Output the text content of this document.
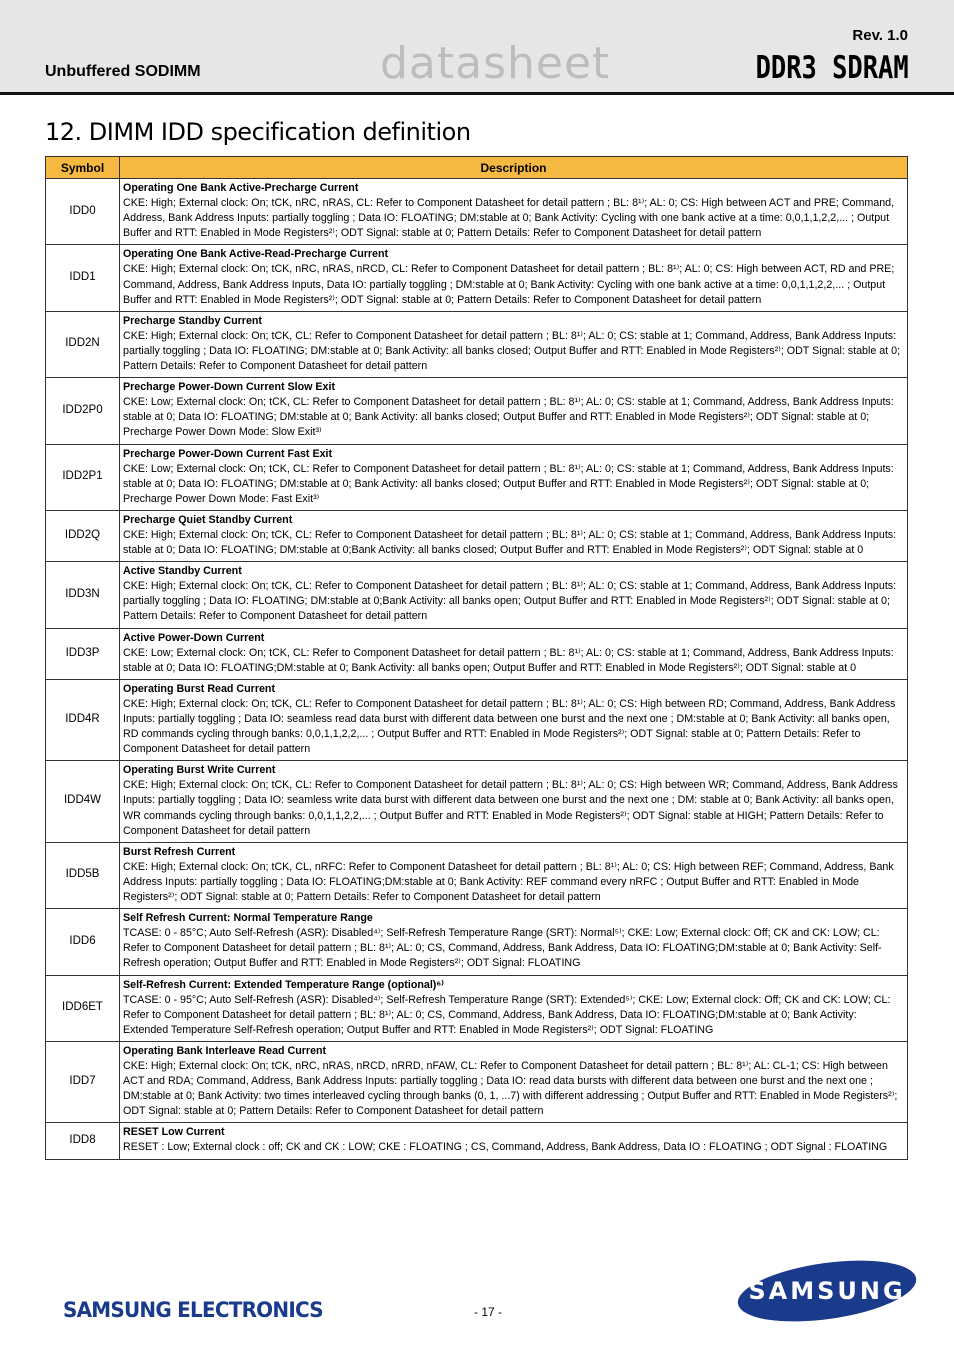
Unbuffered SODIMM	datasheet
Rev. 1.0
DDR3 SDRAM
12. DIMM IDD specification definition
Symbol	Description
IDD0	Operating One Bank Active-Precharge Current
CKE: High; External clock: On; tCK, nRC, nRAS, CL: Refer to Component Datasheet for detail pattern ; BL: 8¹⁾; AL: 0; CS: High between ACT and PRE; Command, Address, Bank Address Inputs: partially toggling ; Data IO: FLOATING; DM:stable at 0; Bank Activity: Cycling with one bank active at a time: 0,0,1,1,2,2,... ; Output Buffer and RTT: Enabled in Mode Registers²⁾; ODT Signal: stable at 0; Pattern Details: Refer to Component Datasheet for detail pattern
IDD1	Operating One Bank Active-Read-Precharge Current
CKE: High; External clock: On; tCK, nRC, nRAS, nRCD, CL: Refer to Component Datasheet for detail pattern ; BL: 8¹⁾; AL: 0; CS: High between ACT, RD and PRE; Command, Address, Bank Address Inputs, Data IO: partially toggling ; DM:stable at 0; Bank Activity: Cycling with one bank active at a time: 0,0,1,1,2,2,... ; Output Buffer and RTT: Enabled in Mode Registers²⁾; ODT Signal: stable at 0; Pattern Details: Refer to Component Datasheet for detail pattern
IDD2N	Precharge Standby Current
CKE: High; External clock: On; tCK, CL: Refer to Component Datasheet for detail pattern ; BL: 8¹⁾; AL: 0; CS: stable at 1; Command, Address, Bank Address Inputs: partially toggling ; Data IO: FLOATING; DM:stable at 0; Bank Activity: all banks closed; Output Buffer and RTT: Enabled in Mode Registers²⁾; ODT Signal: stable at 0; Pattern Details: Refer to Component Datasheet for detail pattern
IDD2P0	Precharge Power-Down Current Slow Exit
CKE: Low; External clock: On; tCK, CL: Refer to Component Datasheet for detail pattern ; BL: 8¹⁾; AL: 0; CS: stable at 1; Command, Address, Bank Address Inputs: stable at 0; Data IO: FLOATING; DM:stable at 0; Bank Activity: all banks closed; Output Buffer and RTT: Enabled in Mode Registers²⁾; ODT Signal: stable at 0; Precharge Power Down Mode: Slow Exit³⁾
IDD2P1	Precharge Power-Down Current Fast Exit
CKE: Low; External clock: On; tCK, CL: Refer to Component Datasheet for detail pattern ; BL: 8¹⁾; AL: 0; CS: stable at 1; Command, Address, Bank Address Inputs: stable at 0; Data IO: FLOATING; DM:stable at 0; Bank Activity: all banks closed; Output Buffer and RTT: Enabled in Mode Registers²⁾; ODT Signal: stable at 0; Precharge Power Down Mode: Fast Exit³⁾
IDD2Q	Precharge Quiet Standby Current
CKE: High; External clock: On; tCK, CL: Refer to Component Datasheet for detail pattern ; BL: 8¹⁾; AL: 0; CS: stable at 1; Command, Address, Bank Address Inputs: stable at 0; Data IO: FLOATING; DM:stable at 0;Bank Activity: all banks closed; Output Buffer and RTT: Enabled in Mode Registers²⁾; ODT Signal: stable at 0
IDD3N	Active Standby Current
CKE: High; External clock: On; tCK, CL: Refer to Component Datasheet for detail pattern ; BL: 8¹⁾; AL: 0; CS: stable at 1; Command, Address, Bank Address Inputs: partially toggling ; Data IO: FLOATING; DM:stable at 0;Bank Activity: all banks open; Output Buffer and RTT: Enabled in Mode Registers²⁾; ODT Signal: stable at 0; Pattern Details: Refer to Component Datasheet for detail pattern
IDD3P	Active Power-Down Current
CKE: Low; External clock: On; tCK, CL: Refer to Component Datasheet for detail pattern ; BL: 8¹⁾; AL: 0; CS: stable at 1; Command, Address, Bank Address Inputs: stable at 0; Data IO: FLOATING;DM:stable at 0; Bank Activity: all banks open; Output Buffer and RTT: Enabled in Mode Registers²⁾; ODT Signal: stable at 0
IDD4R	Operating Burst Read Current
CKE: High; External clock: On; tCK, CL: Refer to Component Datasheet for detail pattern ; BL: 8¹⁾; AL: 0; CS: High between RD; Command, Address, Bank Address Inputs: partially toggling ; Data IO: seamless read data burst with different data between one burst and the next one ; DM:stable at 0; Bank Activity: all banks open, RD commands cycling through banks: 0,0,1,1,2,2,... ; Output Buffer and RTT: Enabled in Mode Registers²⁾; ODT Signal: stable at 0; Pattern Details: Refer to Component Datasheet for detail pattern
IDD4W	Operating Burst Write Current
CKE: High; External clock: On; tCK, CL: Refer to Component Datasheet for detail pattern ; BL: 8¹⁾; AL: 0; CS: High between WR; Command, Address, Bank Address Inputs: partially toggling ; Data IO: seamless write data burst with different data between one burst and the next one ; DM: stable at 0; Bank Activity: all banks open, WR commands cycling through banks: 0,0,1,1,2,2,... ; Output Buffer and RTT: Enabled in Mode Registers²⁾; ODT Signal: stable at HIGH; Pattern Details: Refer to Component Datasheet for detail pattern
IDD5B	Burst Refresh Current
CKE: High; External clock: On; tCK, CL, nRFC: Refer to Component Datasheet for detail pattern ; BL: 8¹⁾; AL: 0; CS: High between REF; Command, Address, Bank Address Inputs: partially toggling ; Data IO: FLOATING;DM:stable at 0; Bank Activity: REF command every nRFC ; Output Buffer and RTT: Enabled in Mode Registers²⁾; ODT Signal: stable at 0; Pattern Details: Refer to Component Datasheet for detail pattern
IDD6	Self Refresh Current: Normal Temperature Range
TCASE: 0 - 85°C; Auto Self-Refresh (ASR): Disabled⁴⁾; Self-Refresh Temperature Range (SRT): Normal⁵⁾; CKE: Low; External clock: Off; CK and CK: LOW; CL: Refer to Component Datasheet for detail pattern ; BL: 8¹⁾; AL: 0; CS, Command, Address, Bank Address, Data IO: FLOATING;DM:stable at 0; Bank Activity: Self-Refresh operation; Output Buffer and RTT: Enabled in Mode Registers²⁾; ODT Signal: FLOATING
IDD6ET	Self-Refresh Current: Extended Temperature Range (optional)⁶⁾
TCASE: 0 - 95°C; Auto Self-Refresh (ASR): Disabled⁴⁾; Self-Refresh Temperature Range (SRT): Extended⁵⁾; CKE: Low; External clock: Off; CK and CK: LOW; CL: Refer to Component Datasheet for detail pattern ; BL: 8¹⁾; AL: 0; CS, Command, Address, Bank Address, Data IO: FLOATING;DM:stable at 0; Bank Activity: Extended Temperature Self-Refresh operation; Output Buffer and RTT: Enabled in Mode Registers²⁾; ODT Signal: FLOATING
IDD7	Operating Bank Interleave Read Current
CKE: High; External clock: On; tCK, nRC, nRAS, nRCD, nRRD, nFAW, CL: Refer to Component Datasheet for detail pattern ; BL: 8¹⁾; AL: CL-1; CS: High between ACT and RDA; Command, Address, Bank Address Inputs: partially toggling ; Data IO: read data bursts with different data between one burst and the next one ; DM:stable at 0; Bank Activity: two times interleaved cycling through banks (0, 1, ...7) with different addressing ; Output Buffer and RTT: Enabled in Mode Registers²⁾; ODT Signal: stable at 0; Pattern Details: Refer to Component Datasheet for detail pattern
IDD8	RESET Low Current
RESET : Low; External clock : off; CK and CK : LOW; CKE : FLOATING ; CS, Command, Address, Bank Address, Data IO : FLOATING ; ODT Signal : FLOATING
SAMSUNG ELECTRONICS	- 17 -
SAMSUNG
